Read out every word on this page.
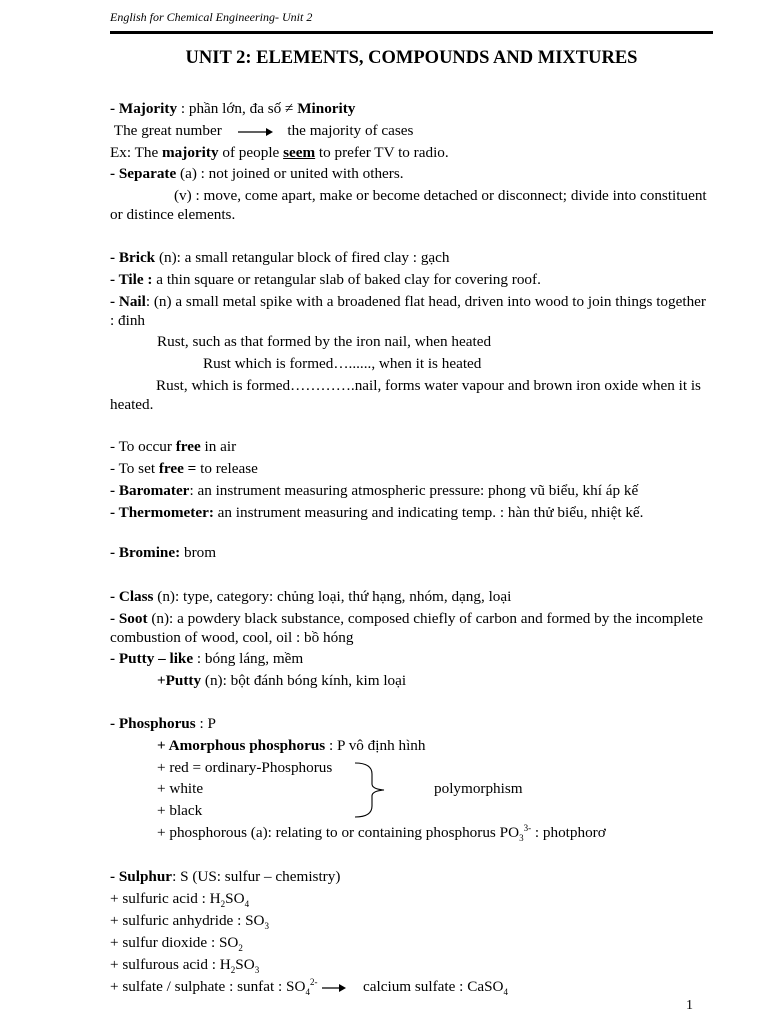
English for Chemical Engineering- Unit 2
UNIT 2: ELEMENTS, COMPOUNDS AND MIXTURES
- Majority : phần lớn, đa số ≠ Minority
The great number	the majority of cases
Ex: The majority of people seem to prefer TV to radio.
- Separate (a) : not joined or united with others.
(v) : move, come apart, make or become detached or disconnect; divide into constituent or distince elements.
- Brick (n): a small retangular block of fired clay : gạch
- Tile : a thin square or retangular slab of baked clay for covering roof.
- Nail: (n) a small metal spike with a broadened flat head, driven into wood to join things together : đinh
Rust, such as that formed by the iron nail, when heated
Rust which is formed…......, when it is heated
Rust, which is formed………….nail, forms water vapour and brown iron oxide when it is heated.
- To occur free in air
- To set free = to release
- Baromater: an instrument measuring atmospheric pressure: phong vũ biểu, khí áp kế
- Thermometer: an instrument measuring and indicating temp. : hàn thử biểu, nhiệt kế.
- Bromine: brom
- Class (n): type, category: chủng loại, thứ hạng, nhóm, dạng, loại
- Soot (n): a powdery black substance, composed chiefly of carbon and formed by the incomplete combustion of wood, cool, oil : bồ hóng
- Putty – like : bóng láng, mềm
+Putty (n): bột đánh bóng kính, kim loại
- Phosphorus : P
+ Amorphous phosphorus : P vô định hình
+ red = ordinary-Phosphorus
+ white
+ black
polymorphism
+ phosphorous (a): relating to or containing phosphorus $PO_3^{3-}$ : photphorơ
- Sulphur: S (US: sulfur – chemistry)
+ sulfuric acid : $H_2SO_4$
+ sulfuric anhydride : $SO_3$
+ sulfur dioxide : $SO_2$
+ sulfurous acid : $H_2SO_3$
+ sulfate / sulphate : sunfat : $SO_4^{2-}$	calcium sulfate : CaSO$_4$
1
